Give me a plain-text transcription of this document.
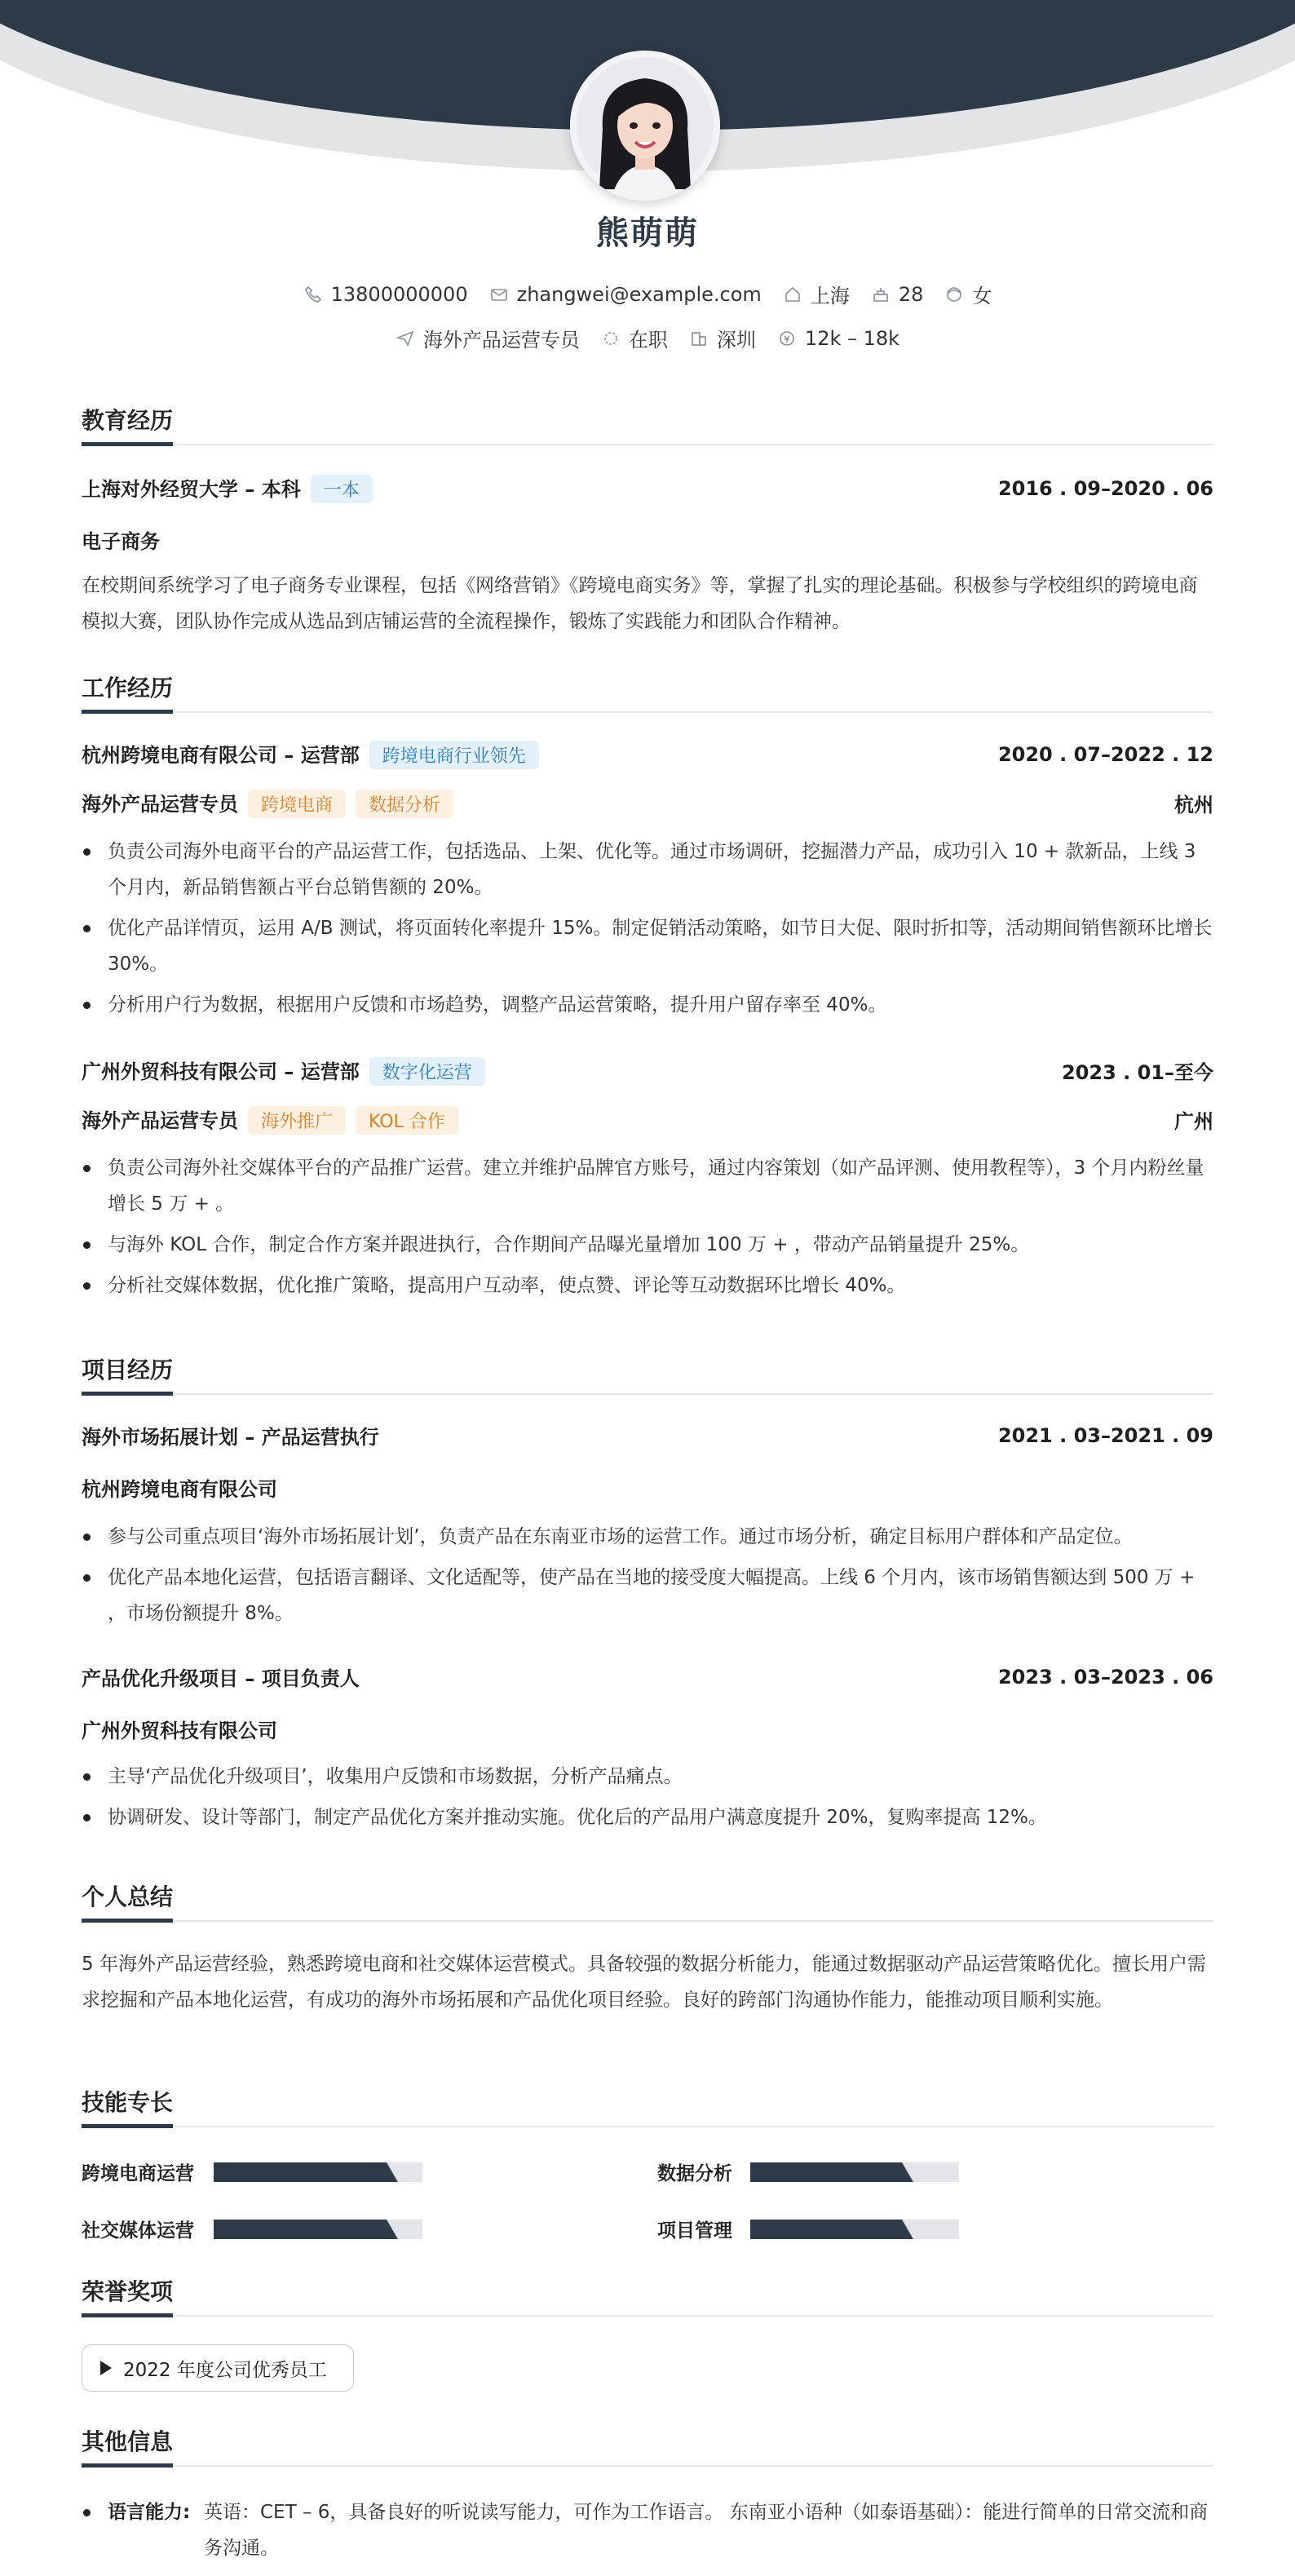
熊萌萌
13800000000	zhangwei@example.com	上海	28	女
海外产品运营专员	在职	深圳	12k – 18k
教育经历
上海对外经贸大学 – 本科 一本	2016 . 09–2020 . 06
电子商务
在校期间系统学习了电子商务专业课程，包括《网络营销》《跨境电商实务》等，掌握了扎实的理论基础。积极参与学校组织的跨境电商模拟大赛，团队协作完成从选品到店铺运营的全流程操作，锻炼了实践能力和团队合作精神。
工作经历
杭州跨境电商有限公司 – 运营部 跨境电商行业领先	2020 . 07–2022 . 12
海外产品运营专员 跨境电商 数据分析	杭州
负责公司海外电商平台的产品运营工作，包括选品、上架、优化等。通过市场调研，挖掘潜力产品，成功引入 10 + 款新品，上线 3 个月内，新品销售额占平台总销售额的 20%。
优化产品详情页，运用 A/B 测试，将页面转化率提升 15%。制定促销活动策略，如节日大促、限时折扣等，活动期间销售额环比增长 30%。
分析用户行为数据，根据用户反馈和市场趋势，调整产品运营策略，提升用户留存率至 40%。
广州外贸科技有限公司 – 运营部 数字化运营	2023 . 01–至今
海外产品运营专员 海外推广 KOL 合作	广州
负责公司海外社交媒体平台的产品推广运营。建立并维护品牌官方账号，通过内容策划（如产品评测、使用教程等），3 个月内粉丝量增长 5 万 + 。
与海外 KOL 合作，制定合作方案并跟进执行，合作期间产品曝光量增加 100 万 + ，带动产品销量提升 25%。
分析社交媒体数据，优化推广策略，提高用户互动率，使点赞、评论等互动数据环比增长 40%。
项目经历
海外市场拓展计划 – 产品运营执行	2021 . 03–2021 . 09
杭州跨境电商有限公司
参与公司重点项目‘海外市场拓展计划’，负责产品在东南亚市场的运营工作。通过市场分析，确定目标用户群体和产品定位。
优化产品本地化运营，包括语言翻译、文化适配等，使产品在当地的接受度大幅提高。上线 6 个月内，该市场销售额达到 500 万 + ，市场份额提升 8%。
产品优化升级项目 – 项目负责人	2023 . 03–2023 . 06
广州外贸科技有限公司
主导‘产品优化升级项目’，收集用户反馈和市场数据，分析产品痛点。
协调研发、设计等部门，制定产品优化方案并推动实施。优化后的产品用户满意度提升 20%，复购率提高 12%。
个人总结
5 年海外产品运营经验，熟悉跨境电商和社交媒体运营模式。具备较强的数据分析能力，能通过数据驱动产品运营策略优化。擅长用户需求挖掘和产品本地化运营，有成功的海外市场拓展和产品优化项目经验。良好的跨部门沟通协作能力，能推动项目顺利实施。
技能专长
跨境电商运营	数据分析
社交媒体运营	项目管理
荣誉奖项
2022 年度公司优秀员工
其他信息
语言能力: 英语：CET – 6，具备良好的听说读写能力，可作为工作语言。 东南亚小语种（如泰语基础）：能进行简单的日常交流和商务沟通。
